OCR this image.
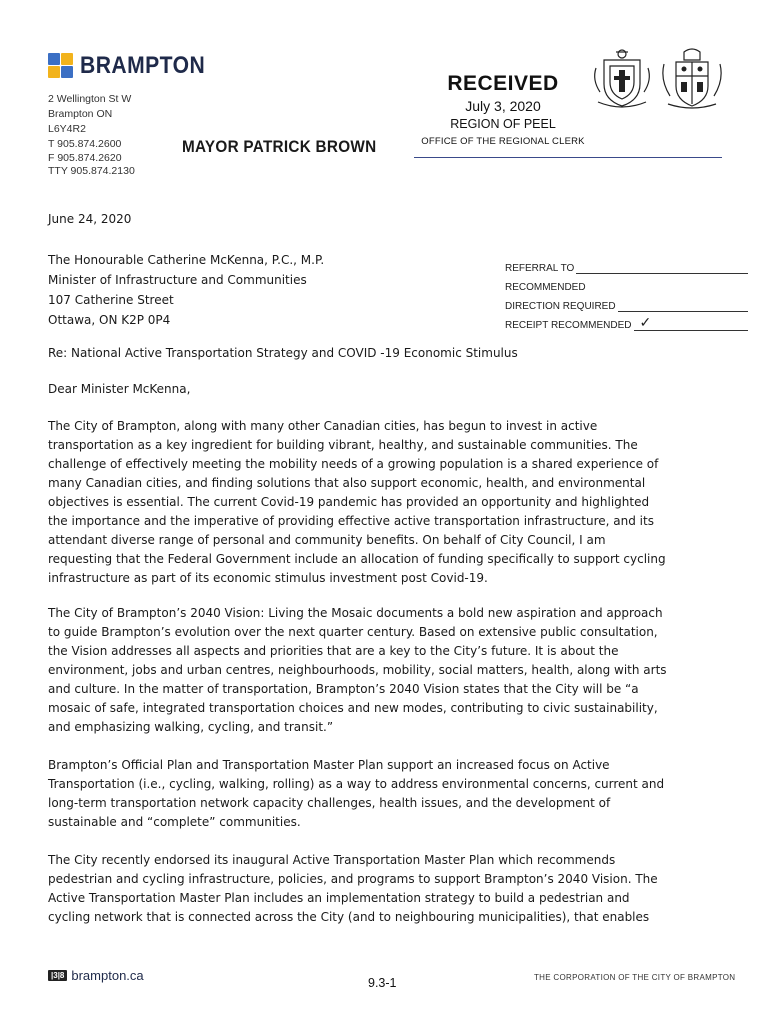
BRAMPTON
2 Wellington St W
Brampton ON
L6Y4R2
T 905.874.2600
F 905.874.2620
TTY 905.874.2130
MAYOR PATRICK BROWN
RECEIVED
July 3, 2020
REGION OF PEEL
OFFICE OF THE REGIONAL CLERK
June 24, 2020
The Honourable Catherine McKenna, P.C., M.P.
Minister of Infrastructure and Communities
107 Catherine Street
Ottawa, ON K2P 0P4
REFERRAL TO
RECOMMENDED
DIRECTION REQUIRED
RECEIPT RECOMMENDED ✓
Re: National Active Transportation Strategy and COVID -19 Economic Stimulus
Dear Minister McKenna,
The City of Brampton, along with many other Canadian cities, has begun to invest in active
transportation as a key ingredient for building vibrant, healthy, and sustainable communities. The
challenge of effectively meeting the mobility needs of a growing population is a shared experience of
many Canadian cities, and finding solutions that also support economic, health, and environmental
objectives is essential. The current Covid-19 pandemic has provided an opportunity and highlighted
the importance and the imperative of providing effective active transportation infrastructure, and its
attendant diverse range of personal and community benefits. On behalf of City Council, I am
requesting that the Federal Government include an allocation of funding specifically to support cycling
infrastructure as part of its economic stimulus investment post Covid-19.
The City of Brampton’s 2040 Vision: Living the Mosaic documents a bold new aspiration and approach
to guide Brampton’s evolution over the next quarter century. Based on extensive public consultation,
the Vision addresses all aspects and priorities that are a key to the City’s future. It is about the
environment, jobs and urban centres, neighbourhoods, mobility, social matters, health, along with arts
and culture. In the matter of transportation, Brampton’s 2040 Vision states that the City will be “a
mosaic of safe, integrated transportation choices and new modes, contributing to civic sustainability,
and emphasizing walking, cycling, and transit.”
Brampton’s Official Plan and Transportation Master Plan support an increased focus on Active
Transportation (i.e., cycling, walking, rolling) as a way to address environmental concerns, current and
long-term transportation network capacity challenges, health issues, and the development of
sustainable and “complete” communities.
The City recently endorsed its inaugural Active Transportation Master Plan which recommends
pedestrian and cycling infrastructure, policies, and programs to support Brampton’s 2040 Vision. The
Active Transportation Master Plan includes an implementation strategy to build a pedestrian and
cycling network that is connected across the City (and to neighbouring municipalities), that enables
|3|8 brampton.ca	9.3-1	THE CORPORATION OF THE CITY OF BRAMPTON
